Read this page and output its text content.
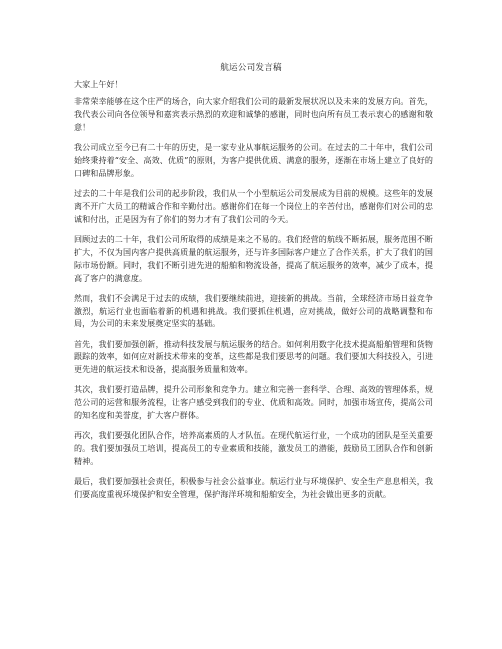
航运公司发言稿

大家上午好！

非常荣幸能够在这个庄严的场合，向大家介绍我们公司的最新发展状况以及未来的发展方向。首先，我代表公司向各位领导和嘉宾表示热烈的欢迎和诚挚的感谢，同时也向所有员工表示衷心的感谢和敬意！

我公司成立至今已有二十年的历史，是一家专业从事航运服务的公司。在过去的二十年中，我们公司始终秉持着“安全、高效、优质”的原则，为客户提供优质、满意的服务，逐渐在市场上建立了良好的口碑和品牌形象。

过去的二十年是我们公司的起步阶段，我们从一个小型航运公司发展成为目前的规模。这些年的发展离不开广大员工的精诚合作和辛勤付出。感谢你们在每一个岗位上的辛苦付出，感谢你们对公司的忠诚和付出，正是因为有了你们的努力才有了我们公司的今天。

回顾过去的二十年，我们公司所取得的成绩是来之不易的。我们经营的航线不断拓展，服务范围不断扩大，不仅为国内客户提供高质量的航运服务，还与许多国际客户建立了合作关系，扩大了我们的国际市场份额。同时，我们不断引进先进的船舶和物流设备，提高了航运服务的效率，减少了成本，提高了客户的满意度。

然而，我们不会满足于过去的成绩，我们要继续前进，迎接新的挑战。当前，全球经济市场日益竞争激烈，航运行业也面临着新的机遇和挑战。我们要抓住机遇，应对挑战，做好公司的战略调整和布局，为公司的未来发展奠定坚实的基础。

首先，我们要加强创新，推动科技发展与航运服务的结合。如何利用数字化技术提高船舶管理和货物跟踪的效率，如何应对新技术带来的变革，这些都是我们要思考的问题。我们要加大科技投入，引进更先进的航运技术和设备，提高服务质量和效率。

其次，我们要打造品牌，提升公司形象和竞争力。建立和完善一套科学、合理、高效的管理体系，规范公司的运营和服务流程，让客户感受到我们的专业、优质和高效。同时，加强市场宣传，提高公司的知名度和美誉度，扩大客户群体。

再次，我们要强化团队合作，培养高素质的人才队伍。在现代航运行业，一个成功的团队是至关重要的。我们要加强员工培训，提高员工的专业素质和技能，激发员工的潜能，鼓励员工团队合作和创新精神。

最后，我们要加强社会责任，积极参与社会公益事业。航运行业与环境保护、安全生产息息相关，我们要高度重视环境保护和安全管理，保护海洋环境和船舶安全，为社会做出更多的贡献。
